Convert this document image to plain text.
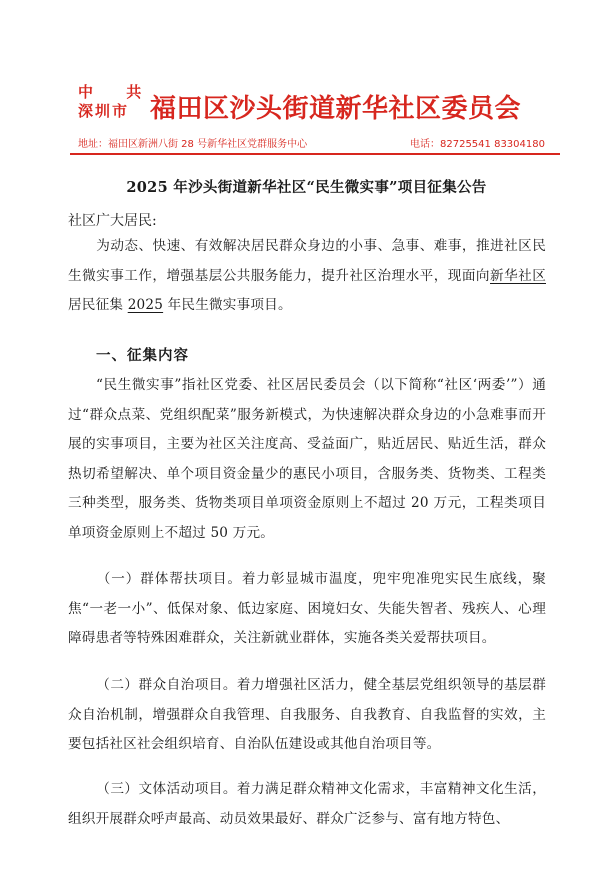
中 共
深圳市 福田区沙头街道新华社区委员会
地址：福田区新洲八街 28 号新华社区党群服务中心	电话：82725541 83304180
2025 年沙头街道新华社区“民生微实事”项目征集公告
社区广大居民:
为动态、快速、有效解决居民群众身边的小事、急事、难事，推进社区民生微实事工作，增强基层公共服务能力，提升社区治理水平，现面向新华社区居民征集 2025 年民生微实事项目。
一、征集内容
“民生微实事”指社区党委、社区居民委员会（以下简称“社区‘两委’”）通过“群众点菜、党组织配菜”服务新模式，为快速解决群众身边的小急难事而开展的实事项目，主要为社区关注度高、受益面广，贴近居民、贴近生活，群众热切希望解决、单个项目资金量少的惠民小项目，含服务类、货物类、工程类三种类型，服务类、货物类项目单项资金原则上不超过 20 万元，工程类项目单项资金原则上不超过 50 万元。
（一）群体帮扶项目。着力彰显城市温度，兜牢兜准兜实民生底线，聚焦“一老一小”、低保对象、低边家庭、困境妇女、失能失智者、残疾人、心理障碍患者等特殊困难群众，关注新就业群体，实施各类关爱帮扶项目。
（二）群众自治项目。着力增强社区活力，健全基层党组织领导的基层群众自治机制，增强群众自我管理、自我服务、自我教育、自我监督的实效，主要包括社区社会组织培育、自治队伍建设或其他自治项目等。
（三）文体活动项目。着力满足群众精神文化需求，丰富精神文化生活，组织开展群众呼声最高、动员效果最好、群众广泛参与、富有地方特色、
